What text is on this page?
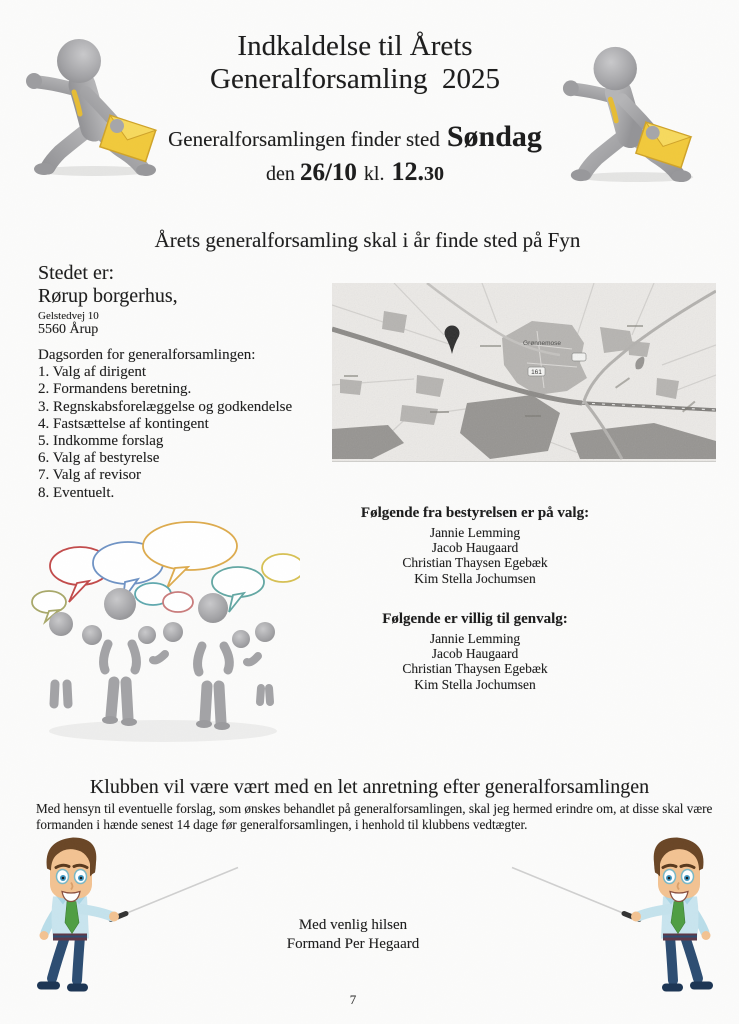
Indkaldelse til Årets
Generalforsamling  2025
Generalforsamlingen finder sted Søndag
den 26/10 kl. 12.30
Årets generalforsamling skal i år finde sted på Fyn
Stedet er:
Rørup borgerhus,
Gelstedvej 10
5560 Årup
Dagsorden for generalforsamlingen:
1. Valg af dirigent
2. Formandens beretning.
3. Regnskabsforelæggelse og godkendelse
4. Fastsættelse af kontingent
5. Indkomme forslag
6. Valg af bestyrelse
7. Valg af revisor
8. Eventuelt.
161
Grønnemose
Følgende fra bestyrelsen er på valg:
Jannie Lemming
Jacob Haugaard
Christian Thaysen Egebæk
Kim Stella Jochumsen
Følgende er villig til genvalg:
Jannie Lemming
Jacob Haugaard
Christian Thaysen Egebæk
Kim Stella Jochumsen
Klubben vil være vært med en let anretning efter generalforsamlingen
Med hensyn til eventuelle forslag, som ønskes behandlet på generalforsamlingen, skal jeg hermed erindre om, at disse skal være
formanden i hænde senest 14 dage før generalforsamlingen, i henhold til klubbens vedtægter.
Med venlig hilsen
Formand Per Hegaard
7
